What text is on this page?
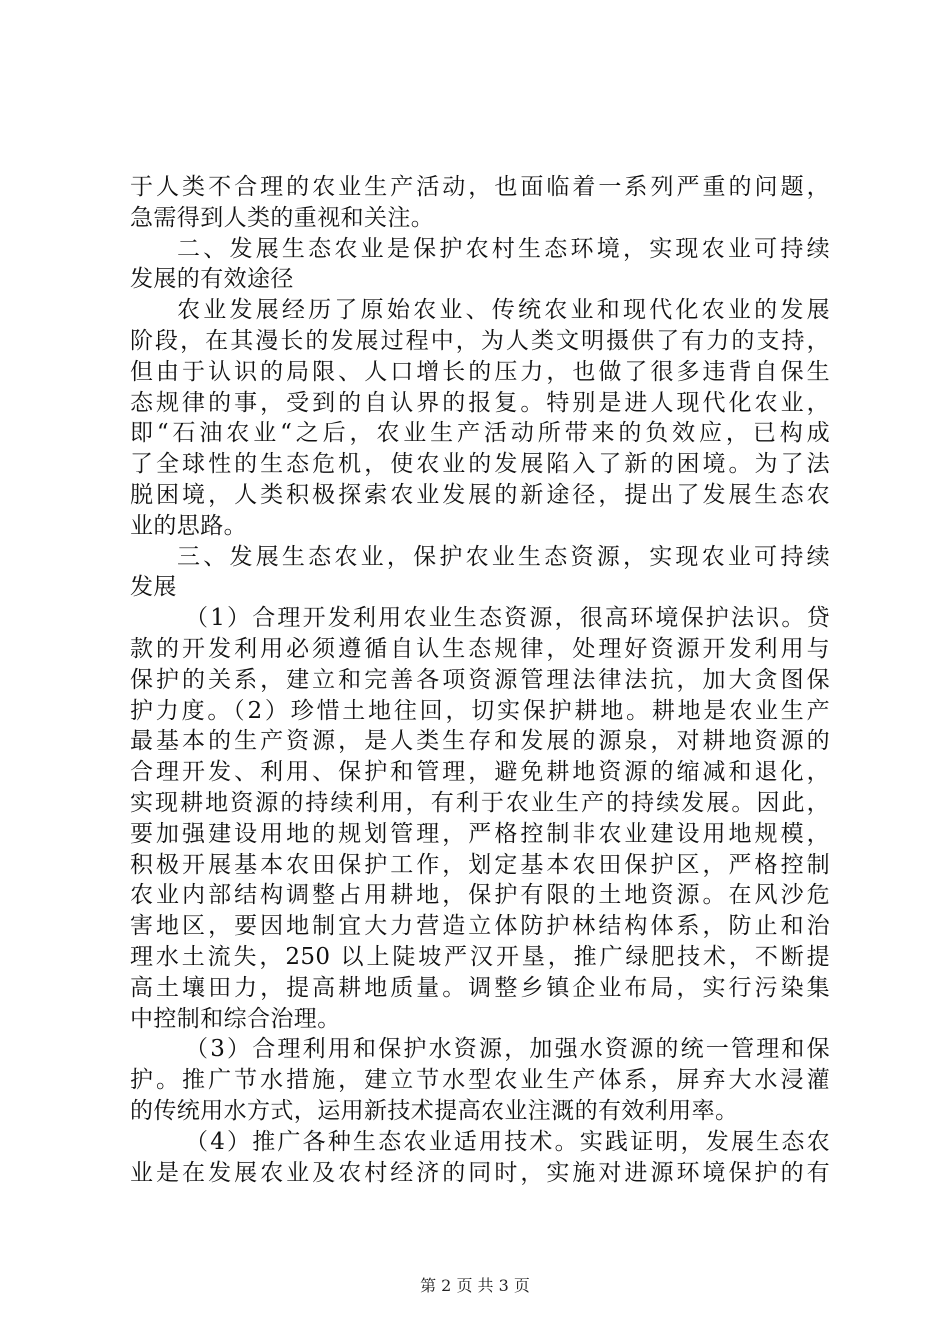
于人类不合理的农业生产活动，也面临着一系列严重的问题，
急需得到人类的重视和关注。
二、发展生态农业是保护农村生态环境，实现农业可持续
发展的有效途径
农业发展经历了原始农业、传统农业和现代化农业的发展
阶段，在其漫长的发展过程中，为人类文明摄供了有力的支持，
但由于认识的局限、人口增长的压力，也做了很多违背自保生
态规律的事，受到的自认界的报复。特别是进人现代化农业，
即“石油农业“之后，农业生产活动所带来的负效应，已构成
了全球性的生态危机，使农业的发展陷入了新的困境。为了法
脱困境，人类积极探索农业发展的新途径，提出了发展生态农
业的思路。
三、发展生态农业，保护农业生态资源，实现农业可持续
发展
（1）合理开发利用农业生态资源，很高环境保护法识。贷
款的开发利用必须遵循自认生态规律，处理好资源开发利用与
保护的关系，建立和完善各项资源管理法律法抗，加大贪图保
护力度。（2）珍惜土地往回，切实保护耕地。耕地是农业生产
最基本的生产资源，是人类生存和发展的源泉，对耕地资源的
合理开发、利用、保护和管理，避免耕地资源的缩减和退化，
实现耕地资源的持续利用，有利于农业生产的持续发展。因此，
要加强建设用地的规划管理，严格控制非农业建设用地规模，
积极开展基本农田保护工作，划定基本农田保护区，严格控制
农业内部结构调整占用耕地，保护有限的土地资源。在风沙危
害地区，要因地制宜大力营造立体防护林结构体系，防止和治
理水土流失，250 以上陡坡严汉开垦，推广绿肥技术，不断提
高土壤田力，提高耕地质量。调整乡镇企业布局，实行污染集
中控制和综合治理。
（3）合理利用和保护水资源，加强水资源的统一管理和保
护。推广节水措施，建立节水型农业生产体系，屏弃大水浸灌
的传统用水方式，运用新技术提高农业注溉的有效利用率。
（4）推广各种生态农业适用技术。实践证明，发展生态农
业是在发展农业及农村经济的同时，实施对进源环境保护的有
第 2 页 共 3 页
